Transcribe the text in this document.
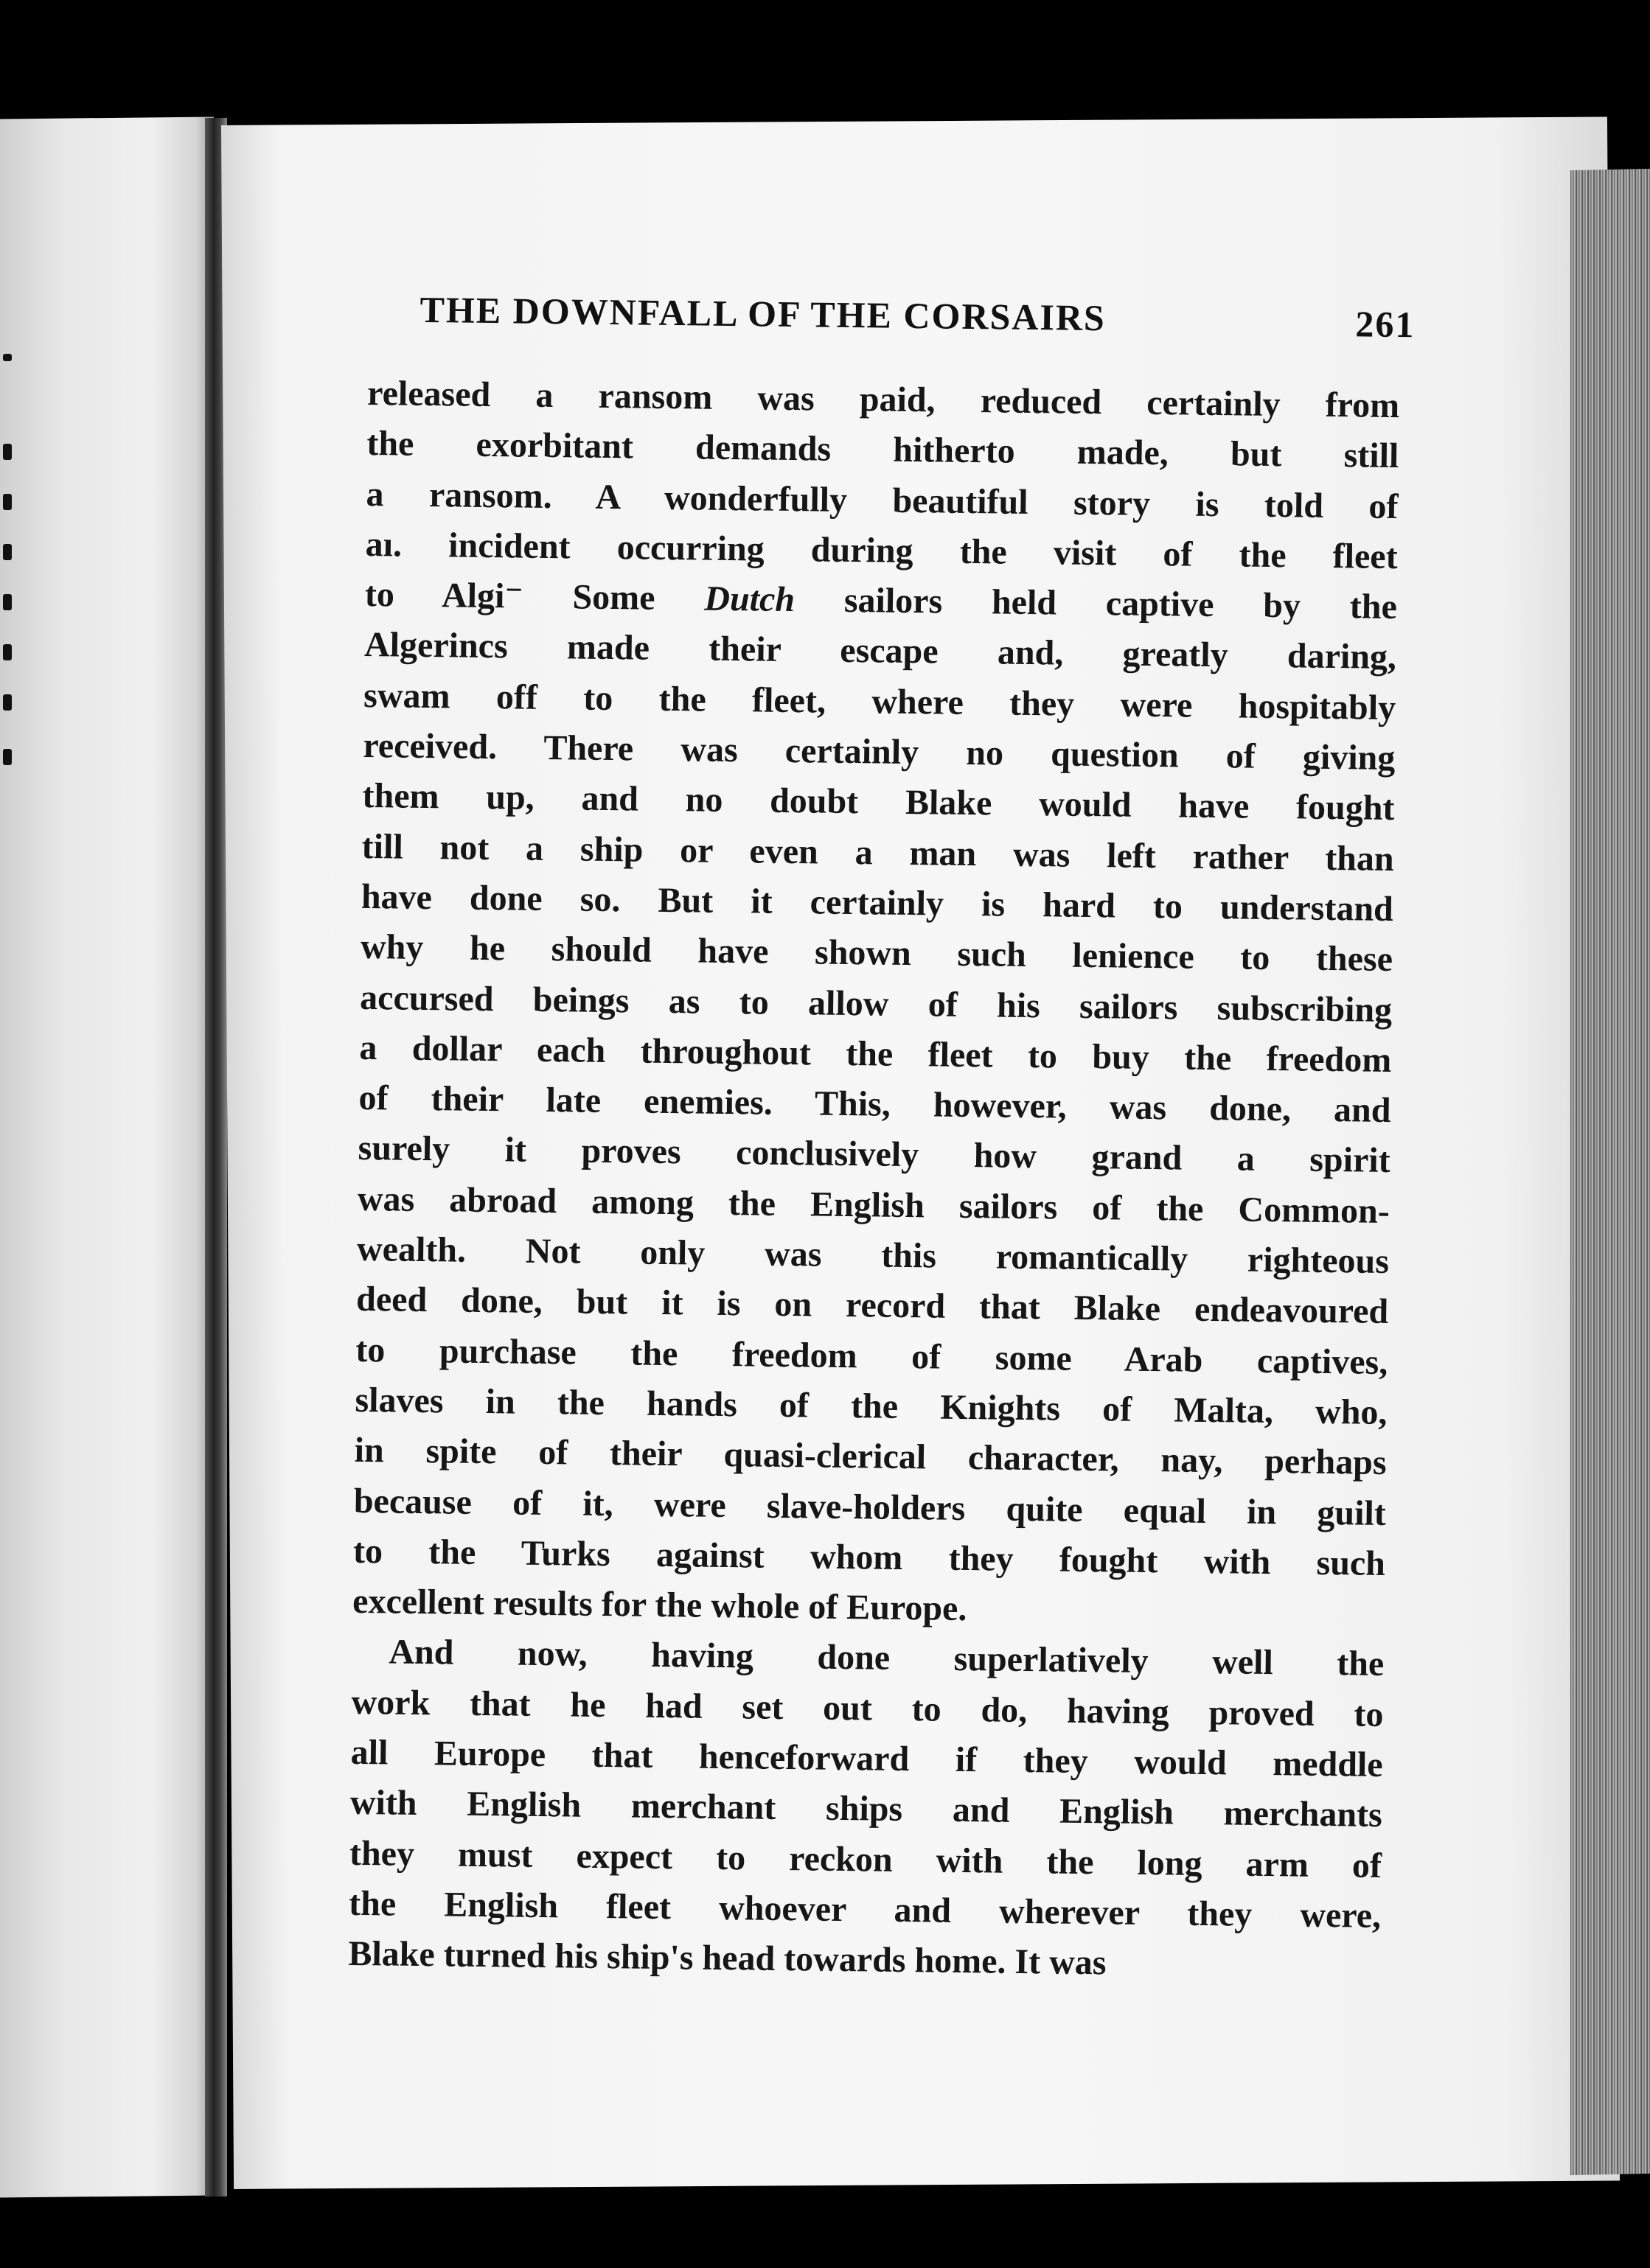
THE DOWNFALL OF THE CORSAIRS	261
released a ransom was paid, reduced certainly from
the exorbitant demands hitherto made, but still
a ransom. A wonderfully beautiful story is told of
aı. incident occurring during the visit of the fleet
to Algi⁻ Some Dutch sailors held captive by the
Algerincs made their escape and, greatly daring,
swam off to the fleet, where they were hospitably
received. There was certainly no question of giving
them up, and no doubt Blake would have fought
till not a ship or even a man was left rather than
have done so. But it certainly is hard to understand
why he should have shown such lenience to these
accursed beings as to allow of his sailors subscribing
a dollar each throughout the fleet to buy the freedom
of their late enemies. This, however, was done, and
surely it proves conclusively how grand a spirit
was abroad among the English sailors of the Common-
wealth. Not only was this romantically righteous
deed done, but it is on record that Blake endeavoured
to purchase the freedom of some Arab captives,
slaves in the hands of the Knights of Malta, who,
in spite of their quasi-clerical character, nay, perhaps
because of it, were slave-holders quite equal in guilt
to the Turks against whom they fought with such
excellent results for the whole of Europe.
And now, having done superlatively well the
work that he had set out to do, having proved to
all Europe that henceforward if they would meddle
with English merchant ships and English merchants
they must expect to reckon with the long arm of
the English fleet whoever and wherever they were,
Blake turned his ship's head towards home. It was
